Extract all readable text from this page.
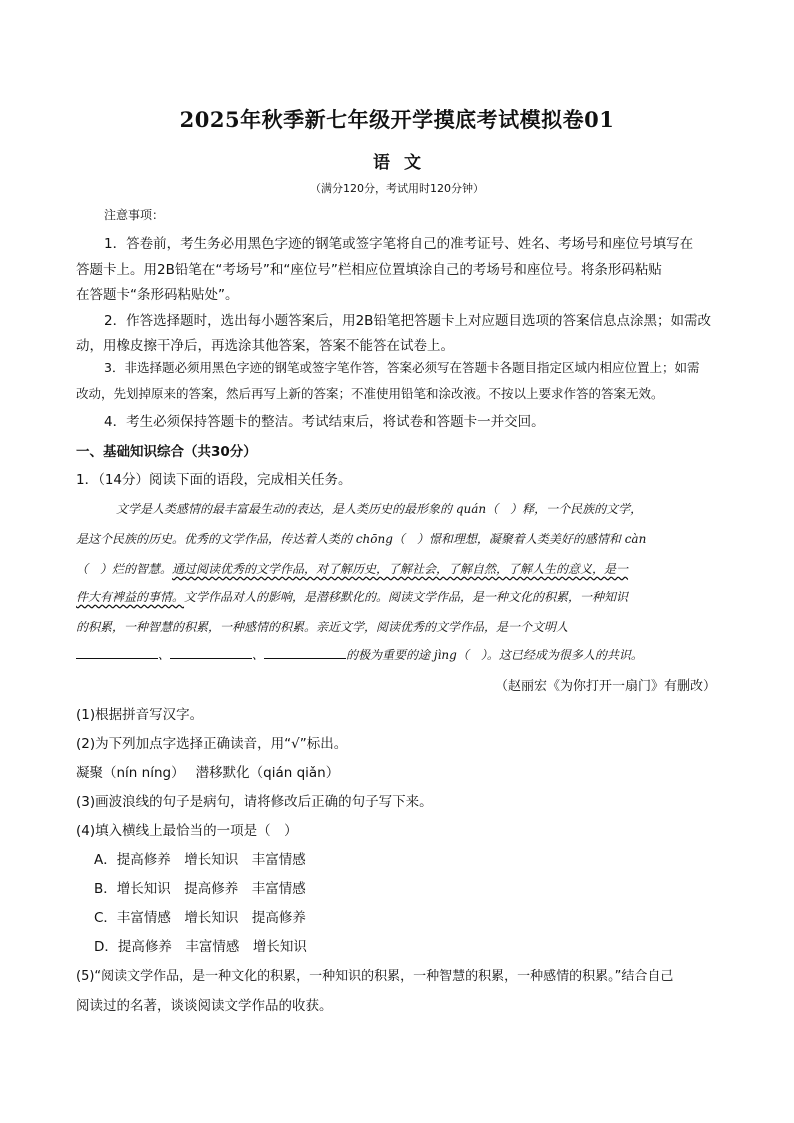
2025年秋季新七年级开学摸底考试模拟卷01
语文
（满分120分，考试用时120分钟）
注意事项：
1．答卷前，考生务必用黑色字迹的钢笔或签字笔将自己的准考证号、姓名、考场号和座位号填写在
答题卡上。用2B铅笔在“考场号”和“座位号”栏相应位置填涂自己的考场号和座位号。将条形码粘贴
在答题卡“条形码粘贴处”。
2．作答选择题时，选出每小题答案后，用2B铅笔把答题卡上对应题目选项的答案信息点涂黑；如需改
动，用橡皮擦干净后，再选涂其他答案，答案不能答在试卷上。
3．非选择题必须用黑色字迹的钢笔或签字笔作答，答案必须写在答题卡各题目指定区域内相应位置上；如需
改动，先划掉原来的答案，然后再写上新的答案；不准使用铅笔和涂改液。不按以上要求作答的答案无效。
4．考生必须保持答题卡的整洁。考试结束后，将试卷和答题卡一并交回。
一、基础知识综合（共30分）
1．（14分）阅读下面的语段，完成相关任务。
文学是人类感情的最丰富最生动的表达，是人类历史的最形象的 quán（　）释，一个民族的文学，
是这个民族的历史。优秀的文学作品，传达着人类的 chōng（　）憬和理想，凝聚着人类美好的感情和 càn
（　）烂的智慧。通过阅读优秀的文学作品，对了解历史，了解社会，了解自然，了解人生的意义，是一
件大有裨益的事情。文学作品对人的影响，是潜移默化的。阅读文学作品，是一种文化的积累，一种知识
的积累，一种智慧的积累，一种感情的积累。亲近文学，阅读优秀的文学作品，是一个文明人
、	、	的极为重要的途 jìng（　）。这已经成为很多人的共识。
（赵丽宏《为你打开一扇门》有删改）
(1)根据拼音写汉字。
(2)为下列加点字选择正确读音，用“√”标出。
凝聚（nín níng）　 潜移默化（qián qiǎn）
(3)画波浪线的句子是病句，请将修改后正确的句子写下来。
(4)填入横线上最恰当的一项是（　）
A．提高修养　增长知识　丰富情感
B．增长知识　提高修养　丰富情感
C．丰富情感　增长知识　提高修养
D．提高修养　丰富情感　增长知识
(5)“阅读文学作品，是一种文化的积累，一种知识的积累，一种智慧的积累，一种感情的积累。”结合自己
阅读过的名著，谈谈阅读文学作品的收获。
